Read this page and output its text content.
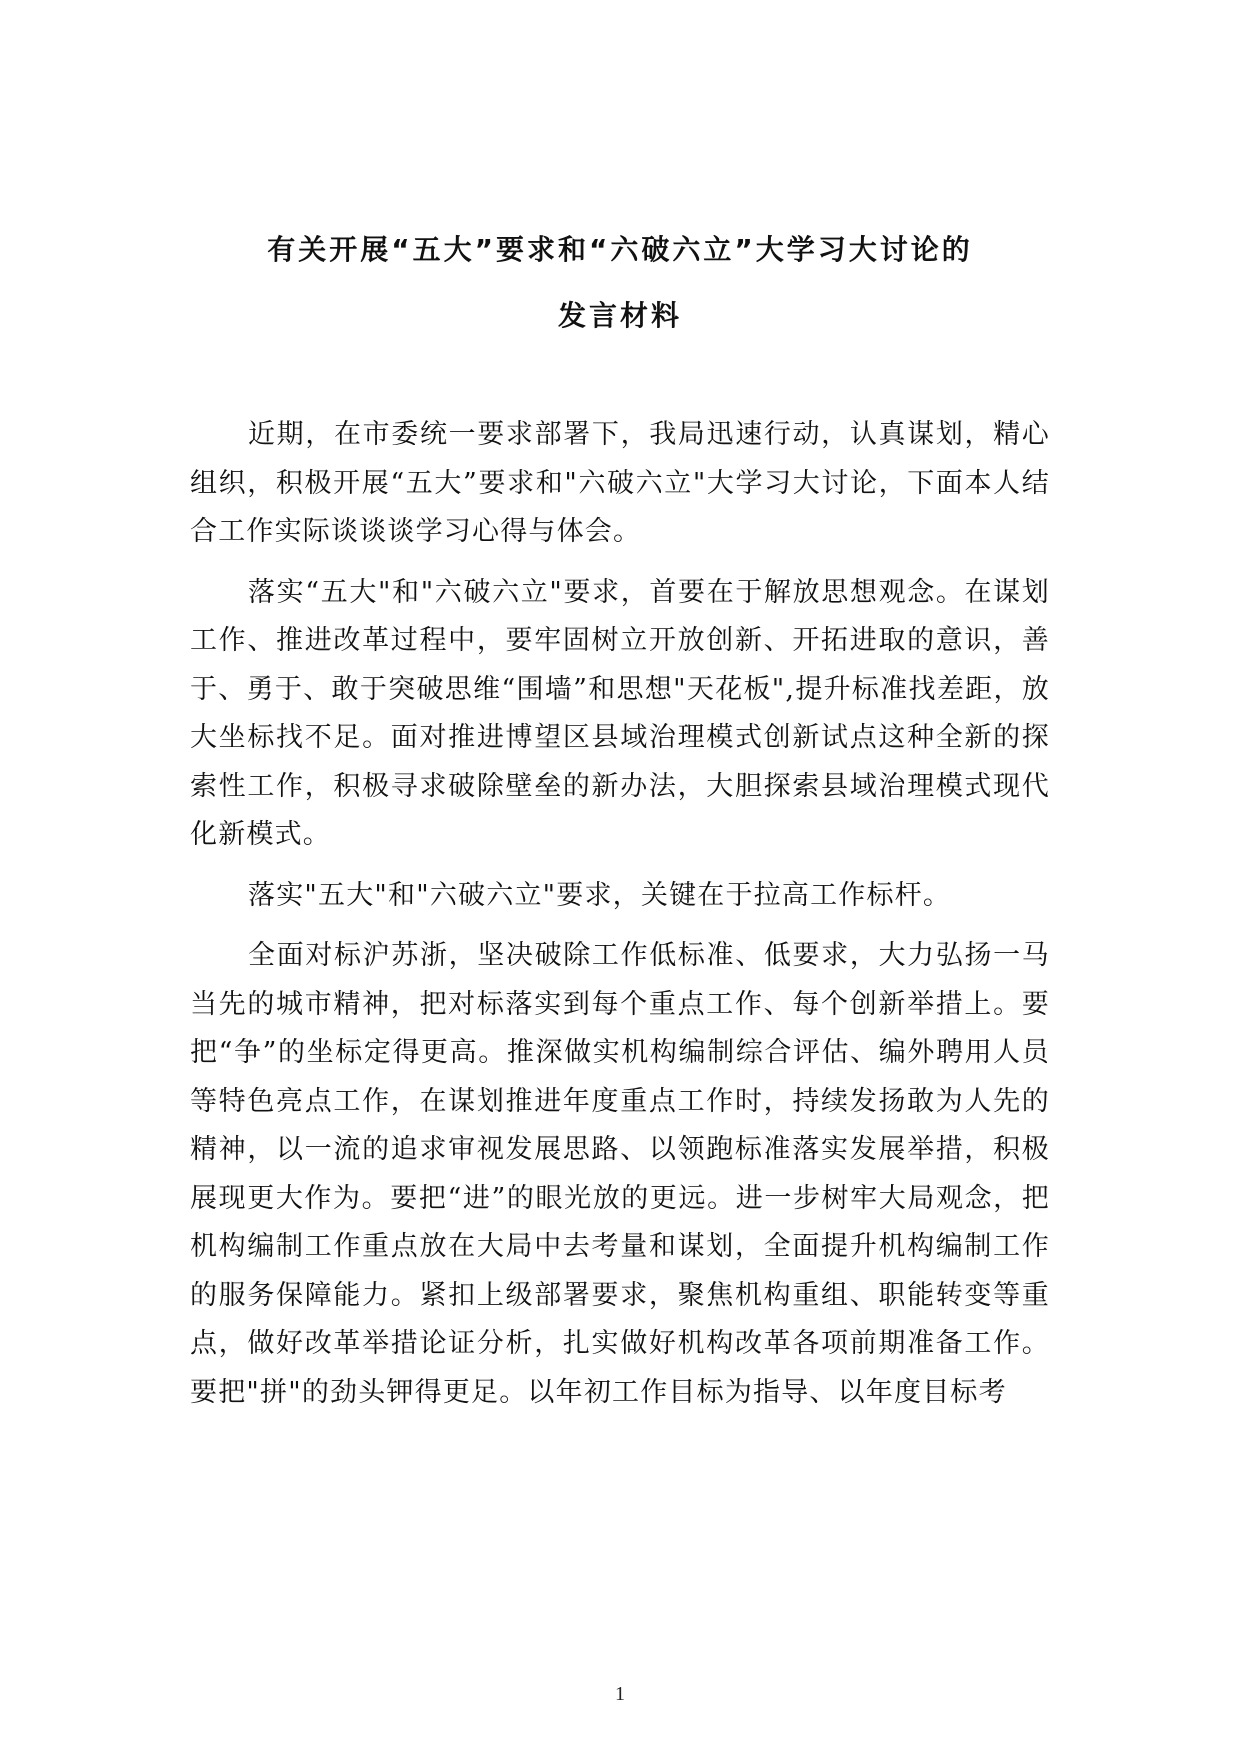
有关开展“五大”要求和“六破六立”大学习大讨论的
发言材料

近期，在市委统一要求部署下，我局迅速行动，认真谋划，精心组织，积极开展“五大”要求和"六破六立"大学习大讨论，下面本人结合工作实际谈谈谈学习心得与体会。

落实“五大"和"六破六立"要求，首要在于解放思想观念。在谋划工作、推进改革过程中，要牢固树立开放创新、开拓进取的意识，善于、勇于、敢于突破思维“围墙”和思想"天花板",提升标准找差距，放大坐标找不足。面对推进博望区县域治理模式创新试点这种全新的探索性工作，积极寻求破除壁垒的新办法，大胆探索县域治理模式现代化新模式。

落实"五大"和"六破六立"要求，关键在于拉高工作标杆。

全面对标沪苏浙，坚决破除工作低标准、低要求，大力弘扬一马当先的城市精神，把对标落实到每个重点工作、每个创新举措上。要把“争”的坐标定得更高。推深做实机构编制综合评估、编外聘用人员等特色亮点工作，在谋划推进年度重点工作时，持续发扬敢为人先的精神，以一流的追求审视发展思路、以领跑标准落实发展举措，积极展现更大作为。要把“进”的眼光放的更远。进一步树牢大局观念，把机构编制工作重点放在大局中去考量和谋划，全面提升机构编制工作的服务保障能力。紧扣上级部署要求，聚焦机构重组、职能转变等重点，做好改革举措论证分析，扎实做好机构改革各项前期准备工作。要把"拼"的劲头钾得更足。以年初工作目标为指导、以年度目标考

1
